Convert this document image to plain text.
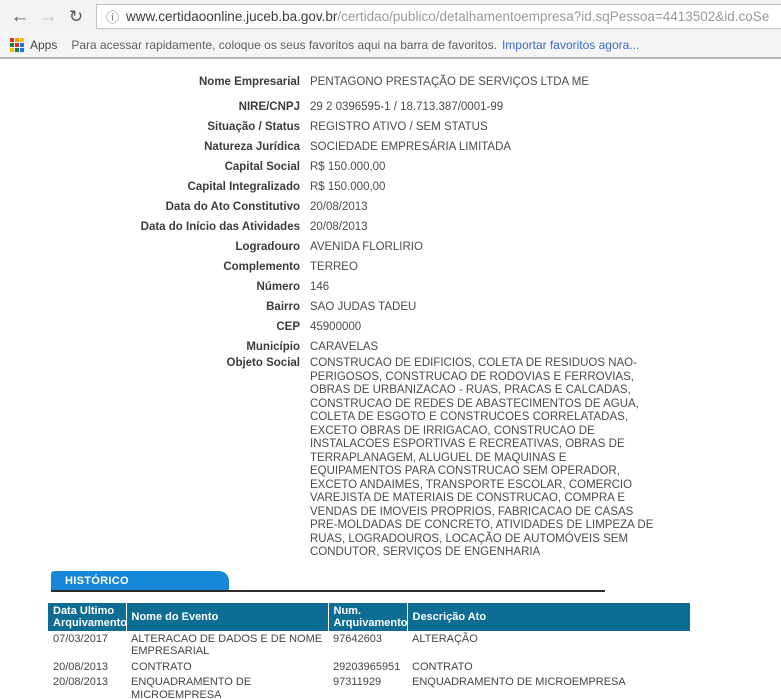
← → ↻	ⓘ www.certidaoonline.juceb.ba.gov.br /certidao/publico/detalhamentoempresa?id.sqPessoa=4413502&id.coSe
Apps Para acessar rapidamente, coloque os seus favoritos aqui na barra de favoritos. Importar favoritos agora...
Nome Empresarial PENTAGONO PRESTAÇÃO DE SERVIÇOS LTDA ME
NIRE/CNPJ 29 2 0396595-1 / 18.713.387/0001-99
Situação / Status REGISTRO ATIVO / SEM STATUS
Natureza Jurídica SOCIEDADE EMPRESÁRIA LIMITADA
Capital Social R$ 150.000,00
Capital Integralizado R$ 150.000,00
Data do Ato Constitutivo 20/08/2013
Data do Início das Atividades 20/08/2013
Logradouro AVENIDA FLORLIRIO
Complemento TERREO
Número 146
Bairro SAO JUDAS TADEU
CEP 45900000
Município CARAVELAS
Objeto Social CONSTRUCAO DE EDIFICIOS, COLETA DE RESIDUOS NAO-PERIGOSOS, CONSTRUCAO DE RODOVIAS E FERROVIAS, OBRAS DE URBANIZACAO - RUAS, PRACAS E CALCADAS, CONSTRUCAO DE REDES DE ABASTECIMENTOS DE AGUA, COLETA DE ESGOTO E CONSTRUCOES CORRELATADAS, EXCETO OBRAS DE IRRIGACAO, CONSTRUCAO DE INSTALACOES ESPORTIVAS E RECREATIVAS, OBRAS DE TERRAPLANAGEM, ALUGUEL DE MAQUINAS E EQUIPAMENTOS PARA CONSTRUCAO SEM OPERADOR, EXCETO ANDAIMES, TRANSPORTE ESCOLAR, COMERCIO VAREJISTA DE MATERIAIS DE CONSTRUCAO, COMPRA E VENDAS DE IMOVEIS PROPRIOS, FABRICACAO DE CASAS PRE-MOLDADAS DE CONCRETO, ATIVIDADES DE LIMPEZA DE RUAS, LOGRADOUROS, LOCAÇÃO DE AUTOMÓVEIS SEM CONDUTOR, SERVIÇOS DE ENGENHARIA
HISTÓRICO
Data Ultimo Arquivamento	Nome do Evento	Num. Arquivamento	Descrição Ato
07/03/2017	ALTERACAO DE DADOS E DE NOME EMPRESARIAL	97642603	ALTERAÇÃO
20/08/2013	CONTRATO	29203965951	CONTRATO
20/08/2013	ENQUADRAMENTO DE MICROEMPRESA	97311929	ENQUADRAMENTO DE MICROEMPRESA
